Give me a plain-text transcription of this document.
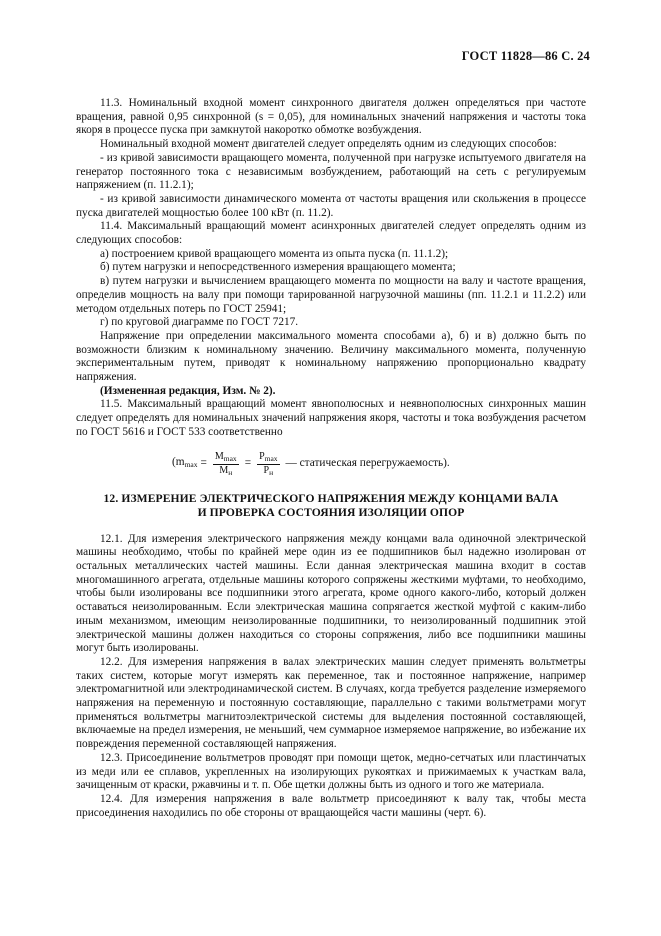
ГОСТ 11828—86 С. 24

11.3. Номинальный входной момент синхронного двигателя должен определяться при частоте вращения, равной 0,95 синхронной (s = 0,05), для номинальных значений напряжения и частоты тока якоря в процессе пуска при замкнутой накоротко обмотке возбуждения.

Номинальный входной момент двигателей следует определять одним из следующих способов:

- из кривой зависимости вращающего момента, полученной при нагрузке испытуемого двигателя на генератор постоянного тока с независимым возбуждением, работающий на сеть с регулируемым напряжением (п. 11.2.1);

- из кривой зависимости динамического момента от частоты вращения или скольжения в процессе пуска двигателей мощностью более 100 кВт (п. 11.2).

11.4. Максимальный вращающий момент асинхронных двигателей следует определять одним из следующих способов:

а) построением кривой вращающего момента из опыта пуска (п. 11.1.2);

б) путем нагрузки и непосредственного измерения вращающего момента;

в) путем нагрузки и вычислением вращающего момента по мощности на валу и частоте вращения, определив мощность на валу при помощи тарированной нагрузочной машины (пп. 11.2.1 и 11.2.2) или методом отдельных потерь по ГОСТ 25941;

г) по круговой диаграмме по ГОСТ 7217.

Напряжение при определении максимального момента способами а), б) и в) должно быть по возможности близким к номинальному значению. Величину максимального момента, полученную экспериментальным путем, приводят к номинальному напряжению пропорционально квадрату напряжения.

(Измененная редакция, Изм. № 2).

11.5. Максимальный вращающий момент явнополюсных и неявнополюсных синхронных машин следует определять для номинальных значений напряжения якоря, частоты и тока возбуждения расчетом по ГОСТ 5616 и ГОСТ 533 соответственно

($m_{max} = \frac{M_{max}}{M_н} = \frac{P_{max}}{P_н}$ — статическая перегружаемость).
12. ИЗМЕРЕНИЕ ЭЛЕКТРИЧЕСКОГО НАПРЯЖЕНИЯ МЕЖДУ КОНЦАМИ ВАЛА
И ПРОВЕРКА СОСТОЯНИЯ ИЗОЛЯЦИИ ОПОР

12.1. Для измерения электрического напряжения между концами вала одиночной электрической машины необходимо, чтобы по крайней мере один из ее подшипников был надежно изолирован от остальных металлических частей машины. Если данная электрическая машина входит в состав многомашинного агрегата, отдельные машины которого сопряжены жесткими муфтами, то необходимо, чтобы были изолированы все подшипники этого агрегата, кроме одного какого-либо, который должен оставаться неизолированным. Если электрическая машина сопрягается жесткой муфтой с каким-либо иным механизмом, имеющим неизолированные подшипники, то неизолированный подшипник этой электрической машины должен находиться со стороны сопряжения, либо все подшипники машины могут быть изолированы.

12.2. Для измерения напряжения в валах электрических машин следует применять вольтметры таких систем, которые могут измерять как переменное, так и постоянное напряжение, например электромагнитной или электродинамической систем. В случаях, когда требуется разделение измеряемого напряжения на переменную и постоянную составляющие, параллельно с такими вольтметрами могут применяться вольтметры магнитоэлектрической системы для выделения постоянной составляющей, включаемые на предел измерения, не меньший, чем суммарное измеряемое напряжение, во избежание их повреждения переменной составляющей напряжения.

12.3. Присоединение вольтметров проводят при помощи щеток, медно-сетчатых или пластинчатых из меди или ее сплавов, укрепленных на изолирующих рукоятках и прижимаемых к участкам вала, зачищенным от краски, ржавчины и т. п. Обе щетки должны быть из одного и того же материала.

12.4. Для измерения напряжения в вале вольтметр присоединяют к валу так, чтобы места присоединения находились по обе стороны от вращающейся части машины (черт. 6).
